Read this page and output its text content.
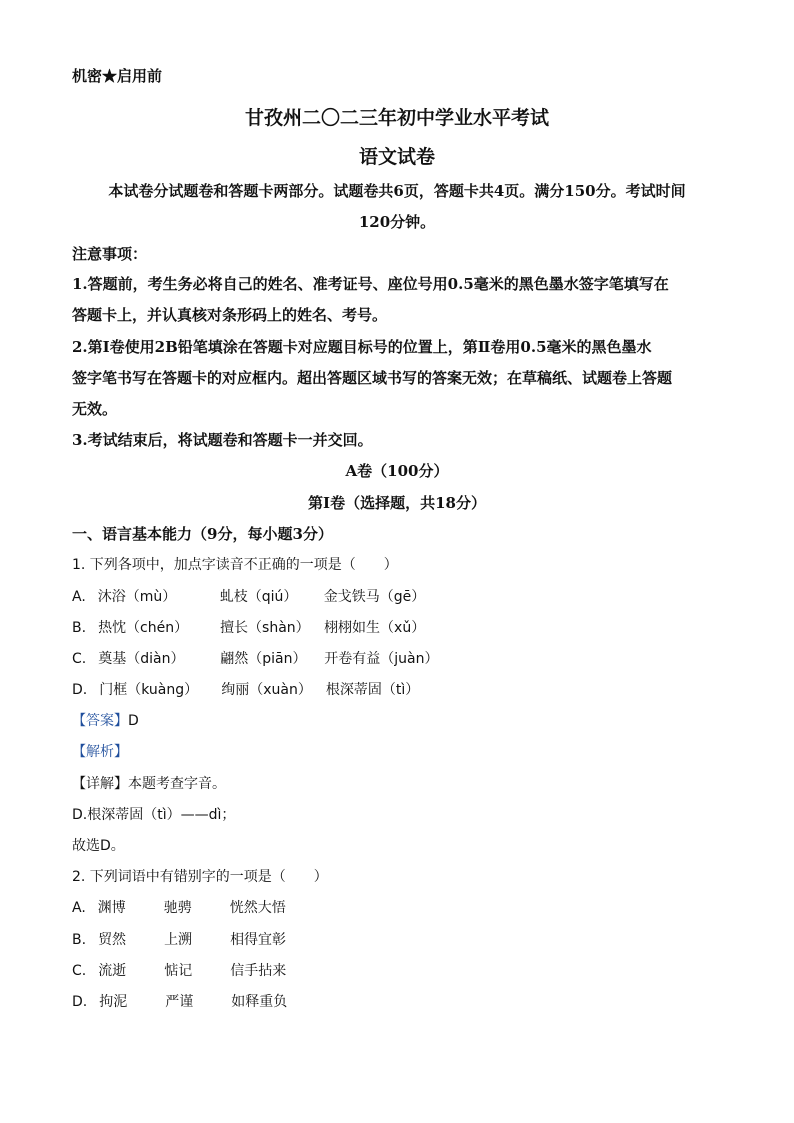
机密★启用前
甘孜州二〇二三年初中学业水平考试
语文试卷
本试卷分试题卷和答题卡两部分。试题卷共6页，答题卡共4页。满分150分。考试时间
120分钟。
注意事项：
1.答题前，考生务必将自己的姓名、准考证号、座位号用0.5毫米的黑色墨水签字笔填写在
答题卡上，并认真核对条形码上的姓名、考号。
2.第Ⅰ卷使用2B铅笔填涂在答题卡对应题目标号的位置上，第Ⅱ卷用0.5毫米的黑色墨水
签字笔书写在答题卡的对应框内。超出答题区域书写的答案无效；在草稿纸、试题卷上答题
无效。
3.考试结束后，将试题卷和答题卡一并交回。
A卷（100分）
第Ⅰ卷（选择题，共18分）
一、语言基本能力（9分，每小题3分）
1. 下列各项中，加点字读音不正确的一项是（　　）
A. 沐浴（mù）	虬枝（qiú） 金戈铁马（gē）
B. 热忱（chén） 擅长（shàn） 栩栩如生（xǔ）
C. 奠基（diàn）	翩然（piān） 开卷有益（juàn）
D. 门框（kuàng） 绚丽（xuàn） 根深蒂固（tì）
【答案】D
【解析】
【详解】本题考查字音。
D.根深蒂固（tì）——dì；
故选D。
2. 下列词语中有错别字的一项是（　　）
A. 渊博	驰骋	恍然大悟
B. 贸然	上溯	相得宜彰
C. 流逝	惦记	信手拈来
D. 拘泥	严谨	如释重负
